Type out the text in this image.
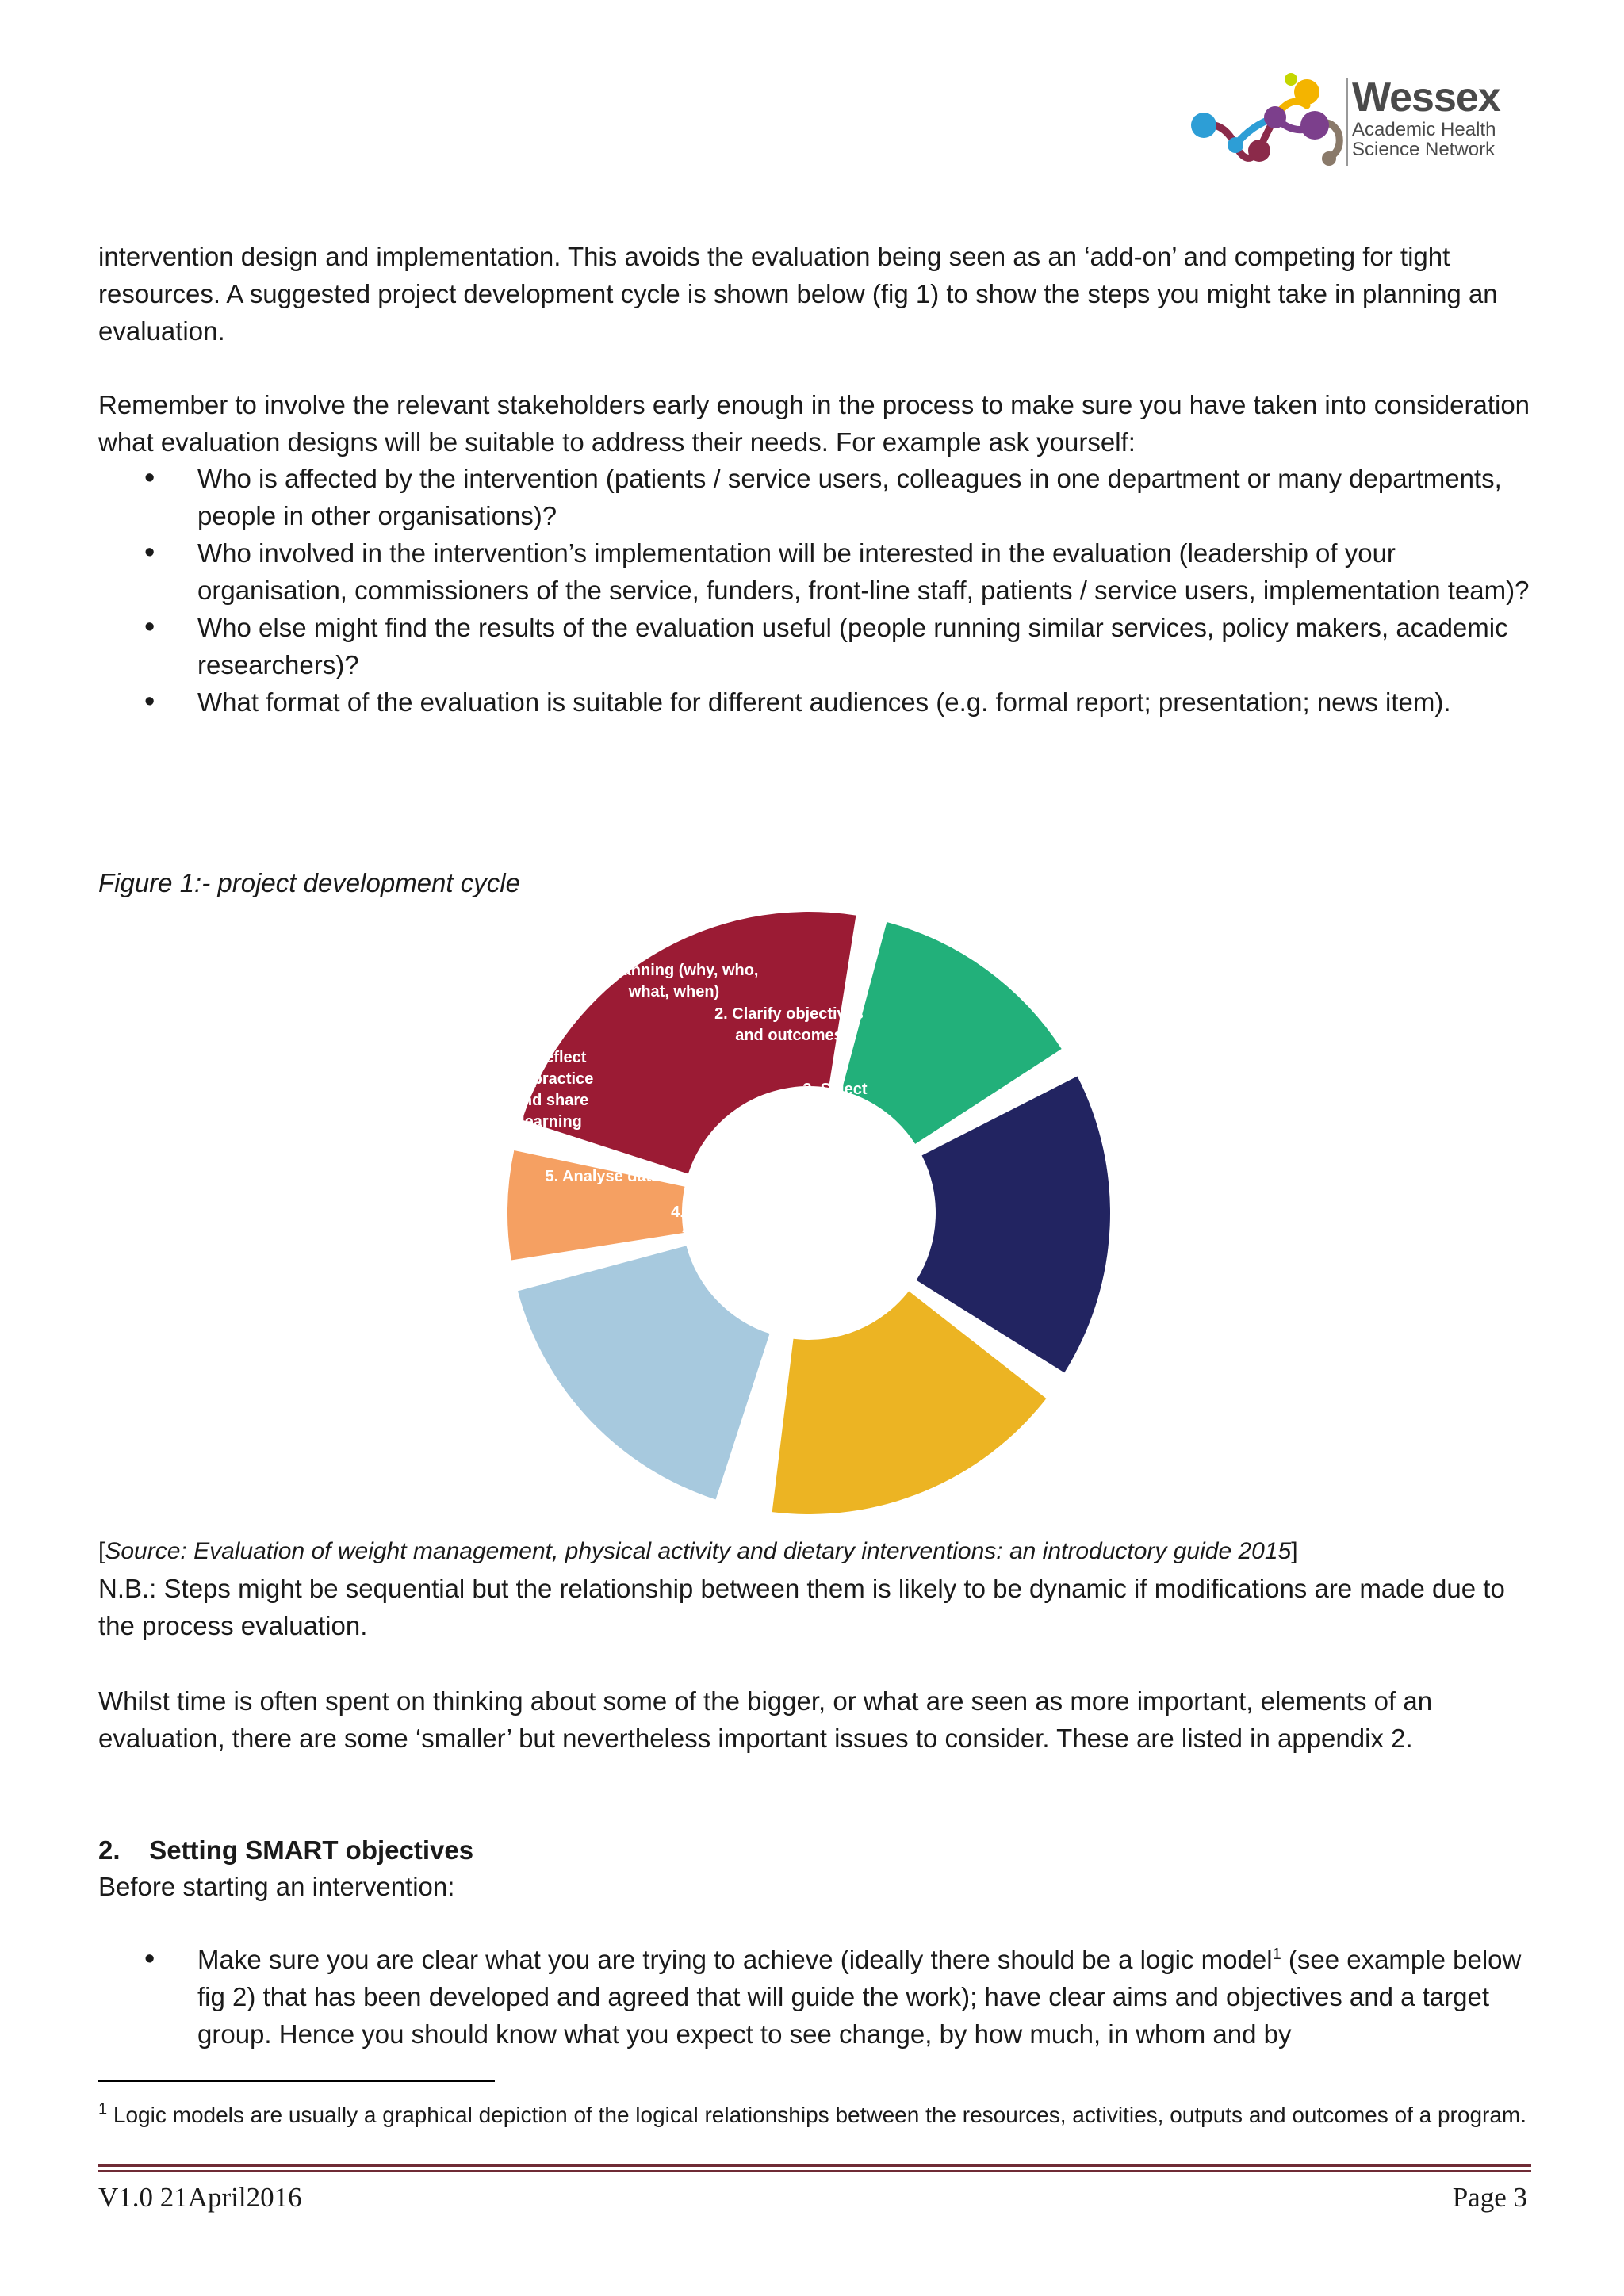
Wessex
Academic Health
Science Network

intervention design and implementation. This avoids the evaluation being seen as an ‘add-on’ and competing for tight resources. A suggested project development cycle is shown below (fig 1) to show the steps you might take in planning an evaluation.

Remember to involve the relevant stakeholders early enough in the process to make sure you have taken into consideration what evaluation designs will be suitable to address their needs. For example ask yourself:

• Who is affected by the intervention (patients / service users, colleagues in one department or many departments, people in other organisations)?
• Who involved in the intervention’s implementation will be interested in the evaluation (leadership of your organisation, commissioners of the service, funders, front-line staff, patients / service users, implementation team)?
• Who else might find the results of the evaluation useful (people running similar services, policy makers, academic researchers)?
• What format of the evaluation is suitable for different audiences (e.g. formal report; presentation; news item).

Figure 1:- project development cycle

1. Planning (why, who, what, when)
2. Clarify objectives and outcomes
3. Select indicators and sources of evidence
4. Design methods and collect data
5. Analyse data
6. Reflect on practice and share learning

[Source: Evaluation of weight management, physical activity and dietary interventions: an introductory guide 2015]

N.B.: Steps might be sequential but the relationship between them is likely to be dynamic if modifications are made due to the process evaluation.

Whilst time is often spent on thinking about some of the bigger, or what are seen as more important, elements of an evaluation, there are some ‘smaller’ but nevertheless important issues to consider. These are listed in appendix 2.

2.    Setting SMART objectives

Before starting an intervention:

• Make sure you are clear what you are trying to achieve (ideally there should be a logic model$^1$ (see example below fig 2) that has been developed and agreed that will guide the work); have clear aims and objectives and a target group. Hence you should know what you expect to see change, by how much, in whom and by

$^1$ Logic models are usually a graphical depiction of the logical relationships between the resources, activities, outputs and outcomes of a program.

V1.0 21April2016	Page 3
